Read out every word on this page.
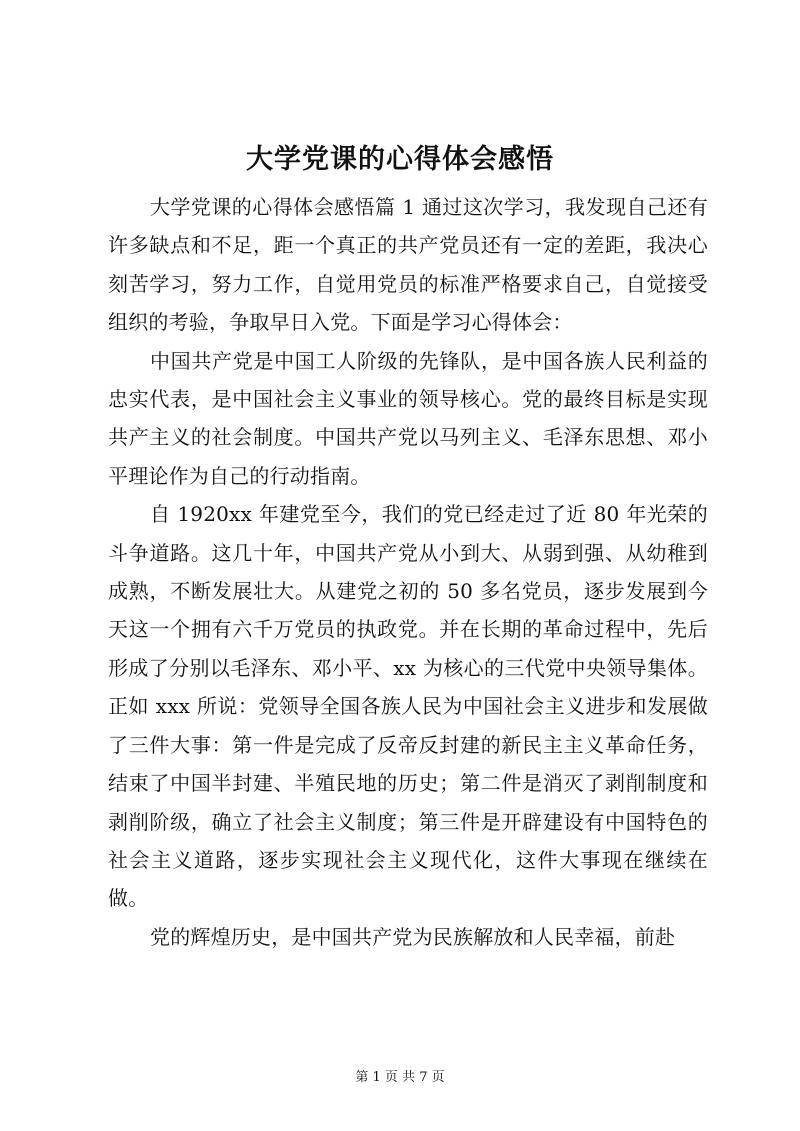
大学党课的心得体会感悟

大学党课的心得体会感悟篇 1 通过这次学习，我发现自己还有许多缺点和不足，距一个真正的共产党员还有一定的差距，我决心刻苦学习，努力工作，自觉用党员的标准严格要求自己，自觉接受组织的考验，争取早日入党。下面是学习心得体会：

中国共产党是中国工人阶级的先锋队，是中国各族人民利益的忠实代表，是中国社会主义事业的领导核心。党的最终目标是实现共产主义的社会制度。中国共产党以马列主义、毛泽东思想、邓小平理论作为自己的行动指南。

自 1920xx 年建党至今，我们的党已经走过了近 80 年光荣的斗争道路。这几十年，中国共产党从小到大、从弱到强、从幼稚到成熟，不断发展壮大。从建党之初的 50 多名党员，逐步发展到今天这一个拥有六千万党员的执政党。并在长期的革命过程中，先后形成了分别以毛泽东、邓小平、xx 为核心的三代党中央领导集体。正如 xxx 所说：党领导全国各族人民为中国社会主义进步和发展做了三件大事：第一件是完成了反帝反封建的新民主主义革命任务，结束了中国半封建、半殖民地的历史；第二件是消灭了剥削制度和剥削阶级，确立了社会主义制度；第三件是开辟建设有中国特色的社会主义道路，逐步实现社会主义现代化，这件大事现在继续在做。

党的辉煌历史，是中国共产党为民族解放和人民幸福，前赴

第 1 页 共 7 页
